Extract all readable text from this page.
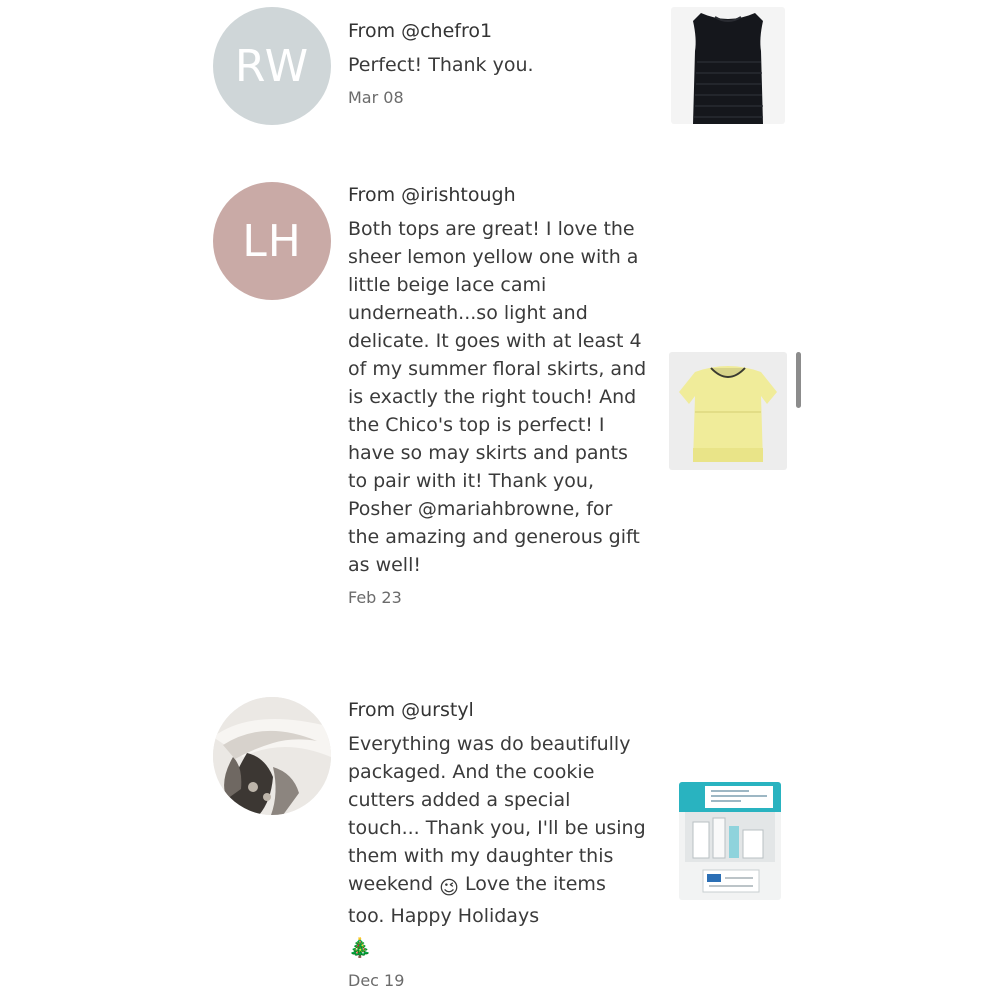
RW
From @chefro1

Perfect! Thank you.

Mar 08
LH
From @irishtough

Both tops are great! I love the sheer lemon yellow one with a little beige lace cami underneath...so light and delicate. It goes with at least 4 of my summer floral skirts, and is exactly the right touch! And the Chico's top is perfect! I have so may skirts and pants to pair with it! Thank you, Posher @mariahbrowne, for the amazing and generous gift as well!

Feb 23
From @urstyl

Everything was do beautifully packaged. And the cookie cutters added a special touch... Thank you, I'll be using them with my daughter this weekend 😉 Love the items too. Happy Holidays
🎄

Dec 19
